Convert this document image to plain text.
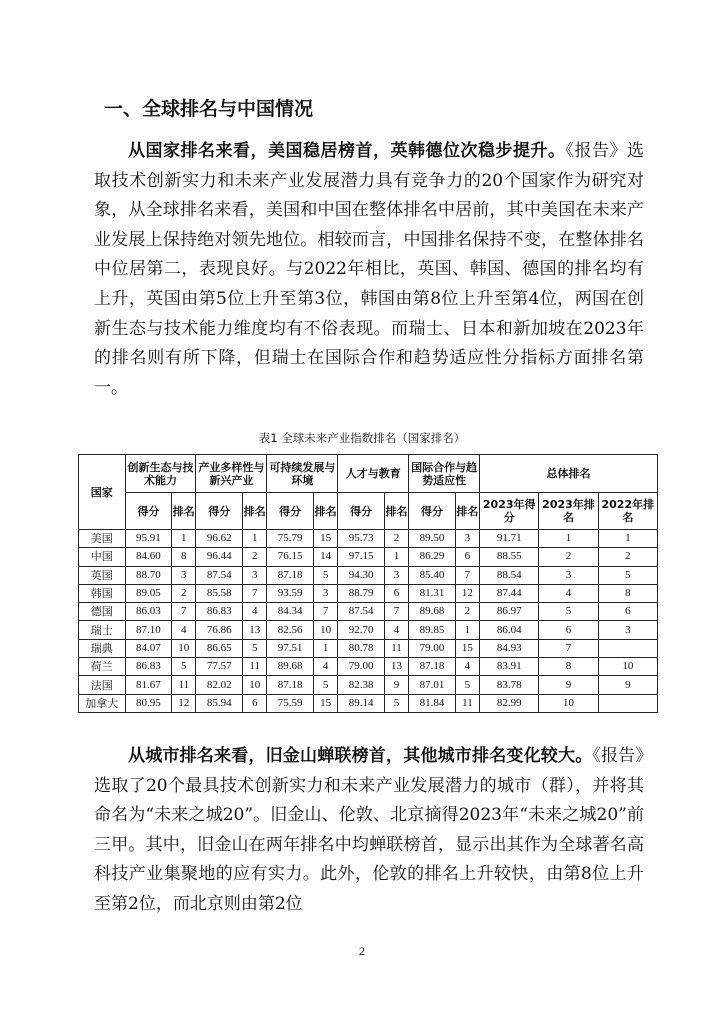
一、全球排名与中国情况
从国家排名来看，美国稳居榜首，英韩德位次稳步提升。《报告》选取技术创新实力和未来产业发展潜力具有竞争力的20个国家作为研究对象，从全球排名来看，美国和中国在整体排名中居前，其中美国在未来产业发展上保持绝对领先地位。相较而言，中国排名保持不变，在整体排名中位居第二，表现良好。与2022年相比，英国、韩国、德国的排名均有上升，英国由第5位上升至第3位，韩国由第8位上升至第4位，两国在创新生态与技术能力维度均有不俗表现。而瑞士、日本和新加坡在2023年的排名则有所下降，但瑞士在国际合作和趋势适应性分指标方面排名第一。
表1 全球未来产业指数排名（国家排名）
国家	创新生态与技术能力		产业多样性与新兴产业		可持续发展与环境		人才与教育		国际合作与趋势适应性		总体排名		
	得分	排名	得分	排名	得分	排名	得分	排名	得分	排名	2023年得分	2023年排名	2022年排名
美国	95.91	1	96.62	1	75.79	15	95.73	2	89.50	3	91.71	1	1
中国	84.60	8	96.44	2	76.15	14	97.15	1	86.29	6	88.55	2	2
英国	88.70	3	87.54	3	87.18	5	94.30	3	85.40	7	88.54	3	5
韩国	89.05	2	85.58	7	93.59	3	88.79	6	81.31	12	87.44	4	8
德国	86.03	7	86.83	4	84.34	7	87.54	7	89.68	2	86.97	5	6
瑞士	87.10	4	76.86	13	82.56	10	92.70	4	89.85	1	86.04	6	3
瑞典	84.07	10	86.65	5	97.51	1	80.78	11	79.00	15	84.93	7	
荷兰	86.83	5	77.57	11	89.68	4	79.00	13	87.18	4	83.91	8	10
法国	81.67	11	82.02	10	87.18	5	82.38	9	87.01	5	83.78	9	9
加拿大	80.95	12	85.94	6	75.59	15	89.14	5	81.84	11	82.99	10	
从城市排名来看，旧金山蝉联榜首，其他城市排名变化较大。《报告》选取了20个最具技术创新实力和未来产业发展潜力的城市（群），并将其命名为“未来之城20”。旧金山、伦敦、北京摘得2023年“未来之城20”前三甲。其中，旧金山在两年排名中均蝉联榜首，显示出其作为全球著名高科技产业集聚地的应有实力。此外，伦敦的排名上升较快，由第8位上升至第2位，而北京则由第2位
2
